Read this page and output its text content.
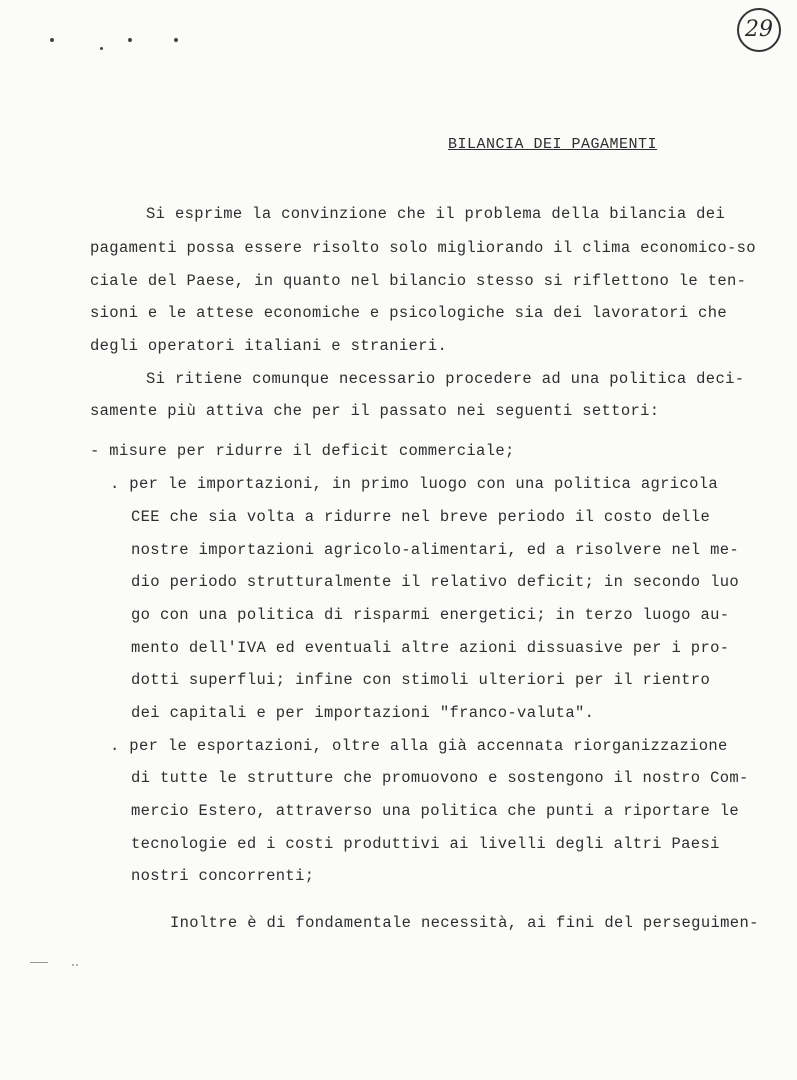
29
BILANCIA DEI PAGAMENTI
Si esprime la convinzione che il problema della bilancia dei
pagamenti possa essere risolto solo migliorando il clima economico-so
ciale del Paese, in quanto nel bilancio stesso si riflettono le ten-
sioni e le attese economiche e psicologiche sia dei lavoratori che
degli operatori italiani e stranieri.
Si ritiene comunque necessario procedere ad una politica deci-
samente più attiva che per il passato nei seguenti settori:
- misure per ridurre il deficit commerciale;
. per le importazioni, in primo luogo con una politica agricola
CEE che sia volta a ridurre nel breve periodo il costo delle
nostre importazioni agricolo-alimentari, ed a risolvere nel me-
dio periodo strutturalmente il relativo deficit; in secondo luo
go con una politica di risparmi energetici; in terzo luogo au-
mento dell'IVA ed eventuali altre azioni dissuasive per i pro-
dotti superflui; infine con stimoli ulteriori per il rientro
dei capitali e per importazioni "franco-valuta".
. per le esportazioni, oltre alla già accennata riorganizzazione
di tutte le strutture che promuovono e sostengono il nostro Com-
mercio Estero, attraverso una politica che punti a riportare le
tecnologie ed i costi produttivi ai livelli degli altri Paesi
nostri concorrenti;
Inoltre è di fondamentale necessità, ai fini del perseguimen-
